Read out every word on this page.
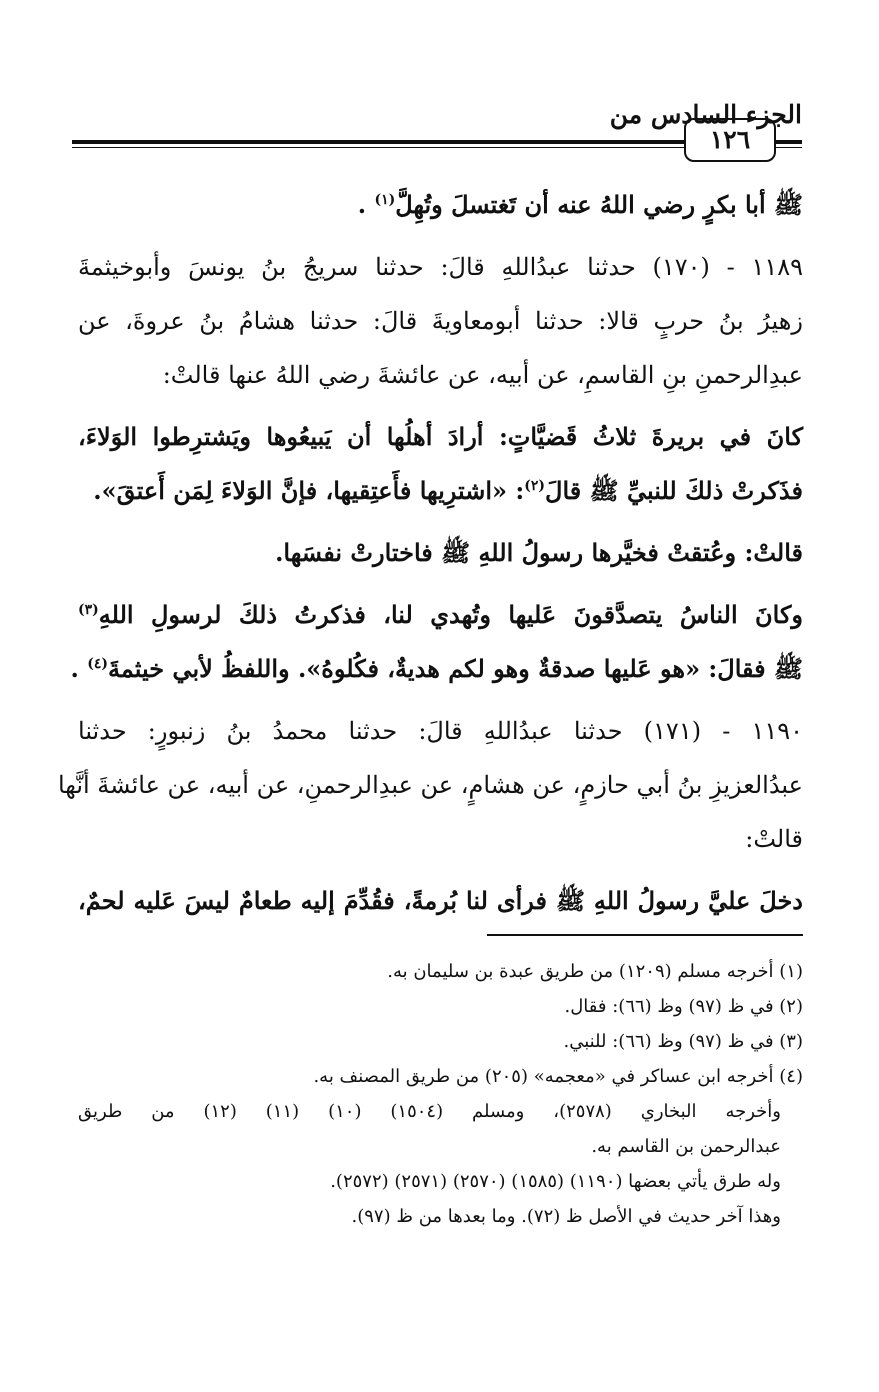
الجزء السادس من
١٢٦
ﷺ أبا بكرٍ رضي اللهُ عنه أن تَغتسلَ وتُهِلَّ$^{(١)}$ .
١١٨٩ - (١٧٠) حدثنا عبدُاللهِ قالَ: حدثنا سريجُ بنُ يونسَ وأبوخيثمةَ
زهيرُ بنُ حربٍ قالا: حدثنا أبومعاويةَ قالَ: حدثنا هشامُ بنُ عروةَ، عن
عبدِالرحمنِ بنِ القاسمِ، عن أبيه، عن عائشةَ رضي اللهُ عنها قالتْ:
كانَ في بريرةَ ثلاثُ قَضيَّاتٍ: أرادَ أهلُها أن يَبيعُوها ويَشترِطوا الوَلاءَ،
فذَكرتْ ذلكَ للنبيِّ ﷺ قالَ$^{(٢)}$: «اشترِيها فأَعتِقيها، فإنَّ الوَلاءَ لِمَن أَعتقَ».
قالتْ: وعُتقتْ فخيَّرها رسولُ اللهِ ﷺ فاختارتْ نفسَها.
وكانَ الناسُ يتصدَّقونَ عَليها وتُهدي لنا، فذكرتُ ذلكَ لرسولِ اللهِ$^{(٣)}$
ﷺ فقالَ: «هو عَليها صدقةٌ وهو لكم هديةٌ، فكُلوهُ». واللفظُ لأبي خيثمةَ$^{(٤)}$ .
١١٩٠ - (١٧١) حدثنا عبدُاللهِ قالَ: حدثنا محمدُ بنُ زنبورٍ: حدثنا
عبدُالعزيزِ بنُ أبي حازمٍ، عن هشامٍ، عن عبدِالرحمنِ، عن أبيه، عن عائشةَ أنَّها
قالتْ:
دخلَ عليَّ رسولُ اللهِ ﷺ فرأى لنا بُرمةً، فقُدِّمَ إليه طعامٌ ليسَ عَليه لحمٌ،
(١) أخرجه مسلم (١٢٠٩) من طريق عبدة بن سليمان به.
(٢) في ظ (٩٧) وظ (٦٦): فقال.
(٣) في ظ (٩٧) وظ (٦٦): للنبي.
(٤) أخرجه ابن عساكر في «معجمه» (٢٠٥) من طريق المصنف به.
وأخرجه البخاري (٢٥٧٨)، ومسلم (١٥٠٤) (١٠) (١١) (١٢) من طريق
عبدالرحمن بن القاسم به.
وله طرق يأتي بعضها (١١٩٠) (١٥٨٥) (٢٥٧٠) (٢٥٧١) (٢٥٧٢).
وهذا آخر حديث في الأصل ظ (٧٢). وما بعدها من ظ (٩٧).
